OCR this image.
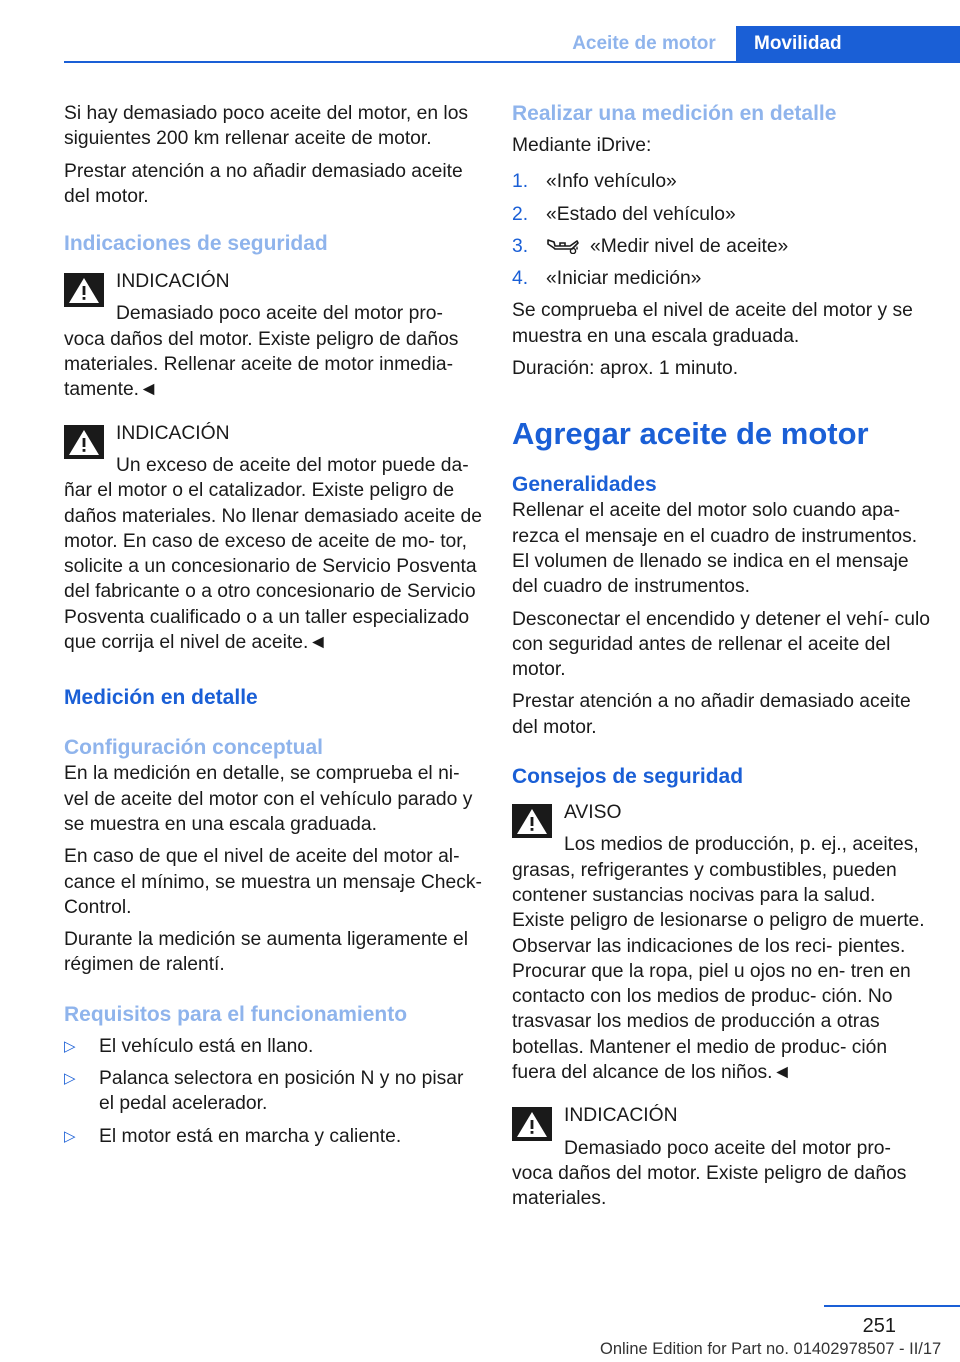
Aceite de motor	Movilidad

Si hay demasiado poco aceite del motor, en los siguientes 200 km rellenar aceite de motor.

Prestar atención a no añadir demasiado aceite del motor.

Indicaciones de seguridad
INDICACIÓN

Demasiado poco aceite del motor pro‐

voca daños del motor. Existe peligro de daños materiales. Rellenar aceite de motor inmedia‐ tamente.◄

INDICACIÓN

Un exceso de aceite del motor puede da‐

ñar el motor o el catalizador. Existe peligro de daños materiales. No llenar demasiado aceite de motor. En caso de exceso de aceite de mo‐ tor, solicite a un concesionario de Servicio Posventa del fabricante o a otro concesionario de Servicio Posventa cualificado o a un taller especializado que corrija el nivel de aceite.◄

Medición en detalle
Configuración conceptual

En la medición en detalle, se comprueba el ni‐ vel de aceite del motor con el vehículo parado y se muestra en una escala graduada.

En caso de que el nivel de aceite del motor al‐ cance el mínimo, se muestra un mensaje Check-Control.

Durante la medición se aumenta ligeramente el régimen de ralentí.

Requisitos para el funcionamiento
▷ El vehículo está en llano.
▷ Palanca selectora en posición N y no pisar el pedal acelerador.
▷ El motor está en marcha y caliente.
Realizar una medición en detalle

Mediante iDrive:

1. «Info vehículo»
2. «Estado del vehículo»
3.	«Medir nivel de aceite»
4. «Iniciar medición»

Se comprueba el nivel de aceite del motor y se muestra en una escala graduada.

Duración: aprox. 1 minuto.

Agregar aceite de motor
Generalidades

Rellenar el aceite del motor solo cuando apa‐ rezca el mensaje en el cuadro de instrumentos. El volumen de llenado se indica en el mensaje del cuadro de instrumentos.

Desconectar el encendido y detener el vehí‐ culo con seguridad antes de rellenar el aceite del motor.

Prestar atención a no añadir demasiado aceite del motor.

Consejos de seguridad
AVISO

Los medios de producción, p. ej., aceites,

grasas, refrigerantes y combustibles, pueden contener sustancias nocivas para la salud. Existe peligro de lesionarse o peligro de muerte. Observar las indicaciones de los reci‐ pientes. Procurar que la ropa, piel u ojos no en‐ tren en contacto con los medios de produc‐ ción. No trasvasar los medios de producción a otras botellas. Mantener el medio de produc‐ ción fuera del alcance de los niños.◄

INDICACIÓN

Demasiado poco aceite del motor pro‐

voca daños del motor. Existe peligro de daños materiales.

251
Online Edition for Part no. 01402978507 - II/17
